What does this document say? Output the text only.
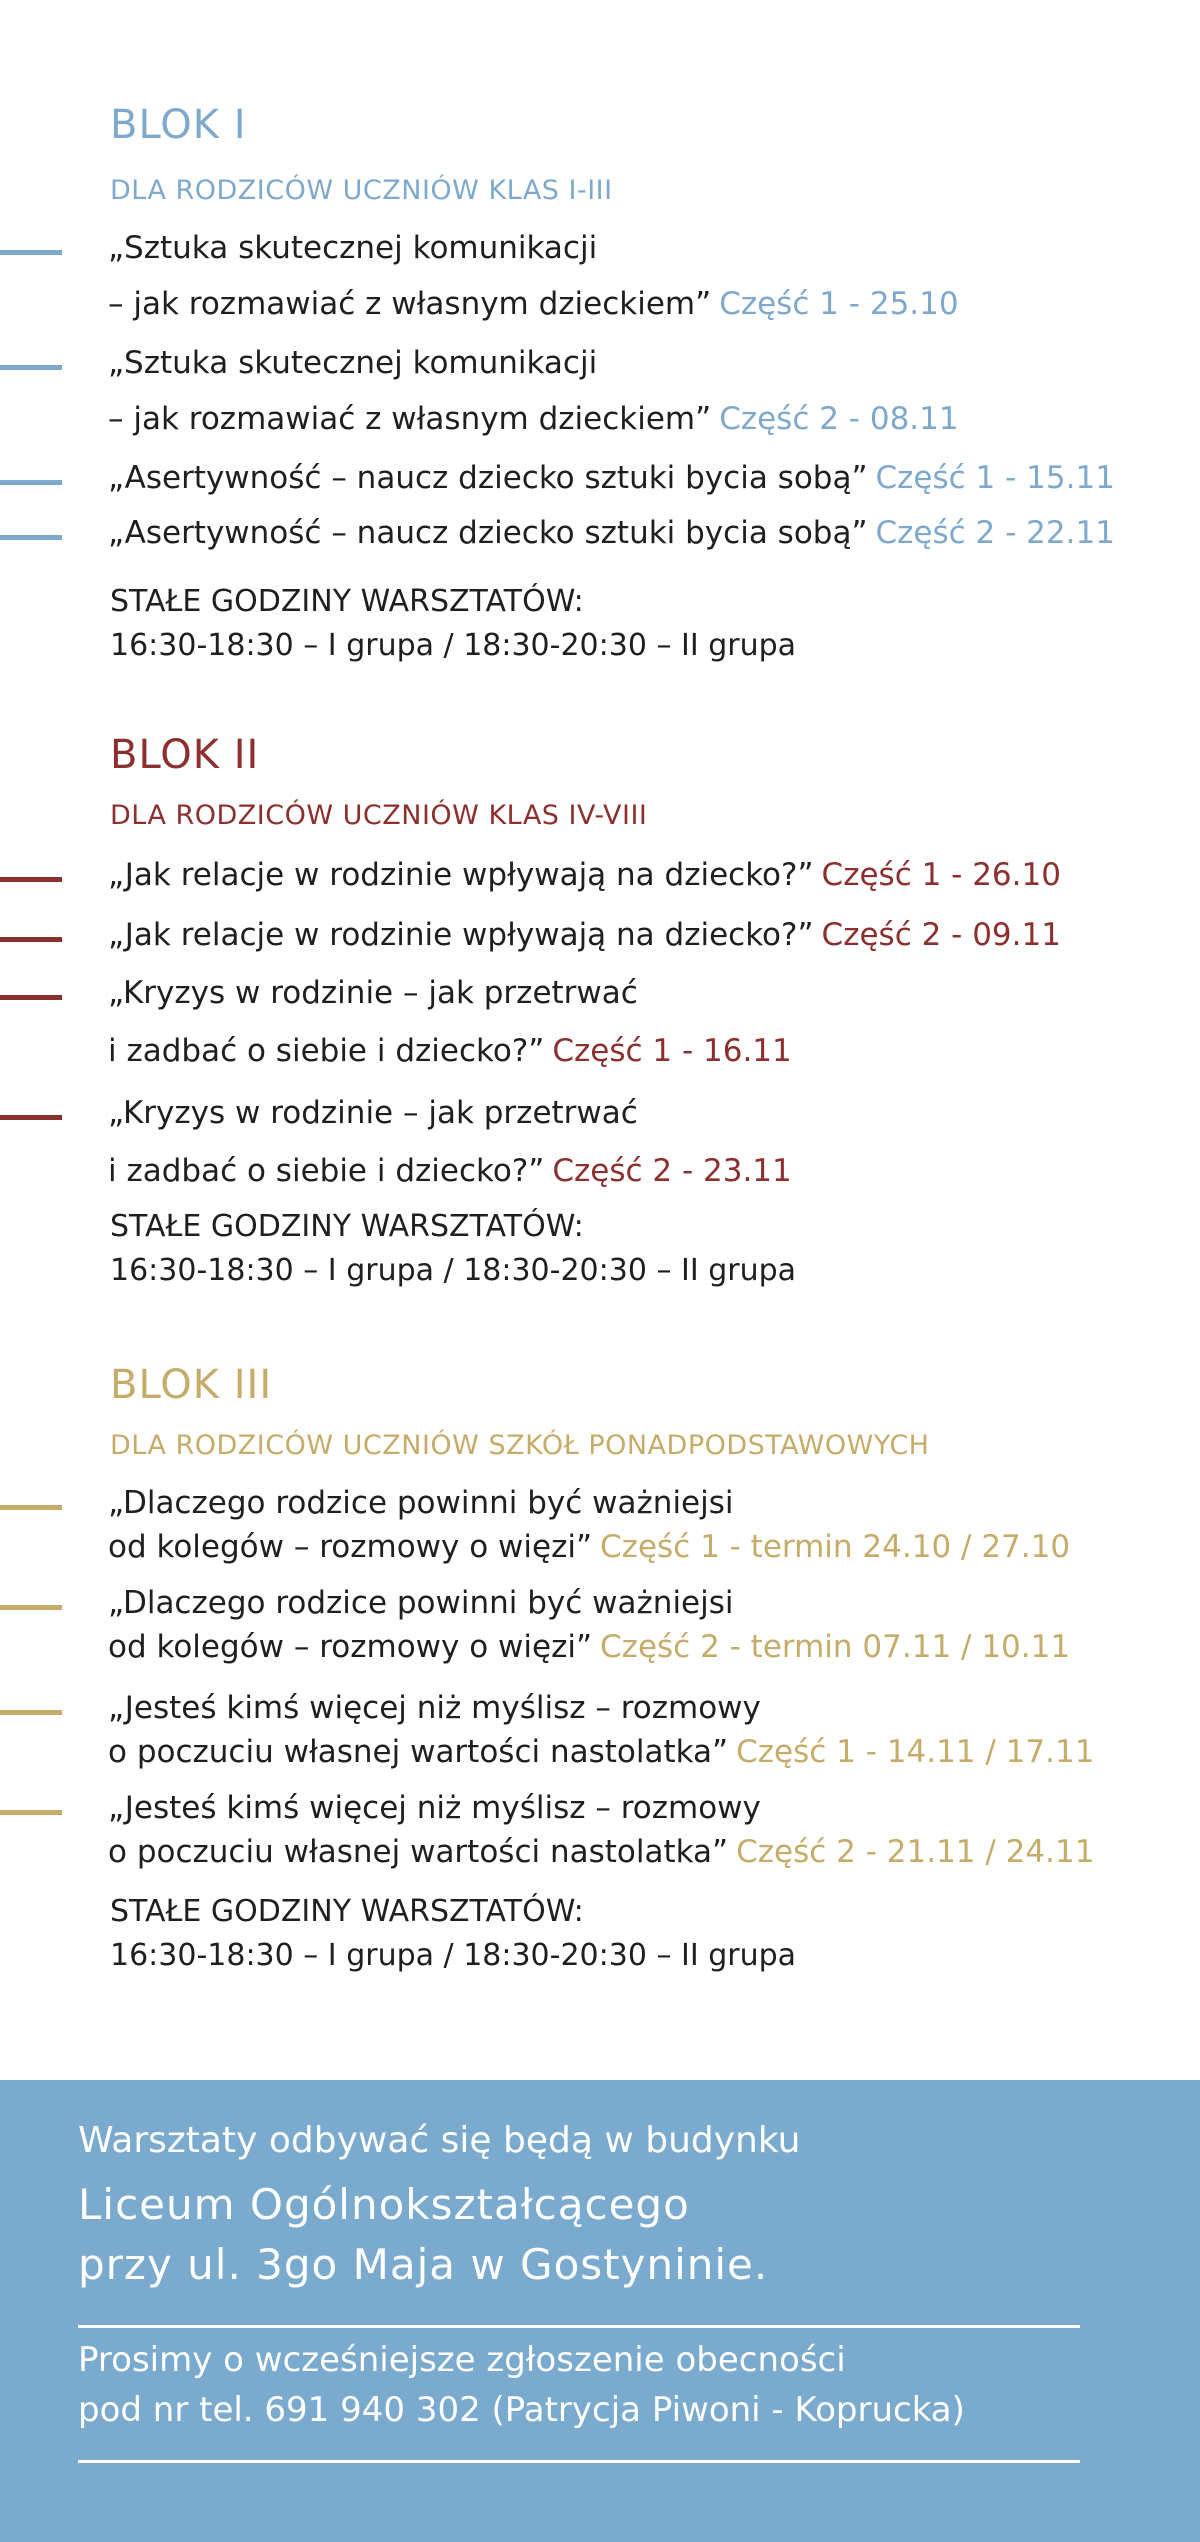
BLOK I
DLA RODZICÓW UCZNIÓW KLAS I-III
„Sztuka skutecznej komunikacji
– jak rozmawiać z własnym dzieckiem” Część 1 - 25.10
„Sztuka skutecznej komunikacji
– jak rozmawiać z własnym dzieckiem” Część 2 - 08.11
„Asertywność – naucz dziecko sztuki bycia sobą” Część 1 - 15.11
„Asertywność – naucz dziecko sztuki bycia sobą” Część 2 - 22.11
STAŁE GODZINY WARSZTATÓW:
16:30-18:30 – I grupa / 18:30-20:30 – II grupa
BLOK II
DLA RODZICÓW UCZNIÓW KLAS IV-VIII
„Jak relacje w rodzinie wpływają na dziecko?” Część 1 - 26.10
„Jak relacje w rodzinie wpływają na dziecko?” Część 2 - 09.11
„Kryzys w rodzinie – jak przetrwać
i zadbać o siebie i dziecko?” Część 1 - 16.11
„Kryzys w rodzinie – jak przetrwać
i zadbać o siebie i dziecko?” Część 2 - 23.11
STAŁE GODZINY WARSZTATÓW:
16:30-18:30 – I grupa / 18:30-20:30 – II grupa
BLOK III
DLA RODZICÓW UCZNIÓW SZKÓŁ PONADPODSTAWOWYCH
„Dlaczego rodzice powinni być ważniejsi
od kolegów – rozmowy o więzi” Część 1 - termin 24.10 / 27.10
„Dlaczego rodzice powinni być ważniejsi
od kolegów – rozmowy o więzi” Część 2 - termin 07.11 / 10.11
„Jesteś kimś więcej niż myślisz – rozmowy
o poczuciu własnej wartości nastolatka” Część 1 - 14.11 / 17.11
„Jesteś kimś więcej niż myślisz – rozmowy
o poczuciu własnej wartości nastolatka” Część 2 - 21.11 / 24.11
STAŁE GODZINY WARSZTATÓW:
16:30-18:30 – I grupa / 18:30-20:30 – II grupa
Warsztaty odbywać się będą w budynku
Liceum Ogólnokształcącego
przy ul. 3go Maja w Gostyninie.
Prosimy o wcześniejsze zgłoszenie obecności
pod nr tel. 691 940 302 (Patrycja Piwoni - Koprucka)
